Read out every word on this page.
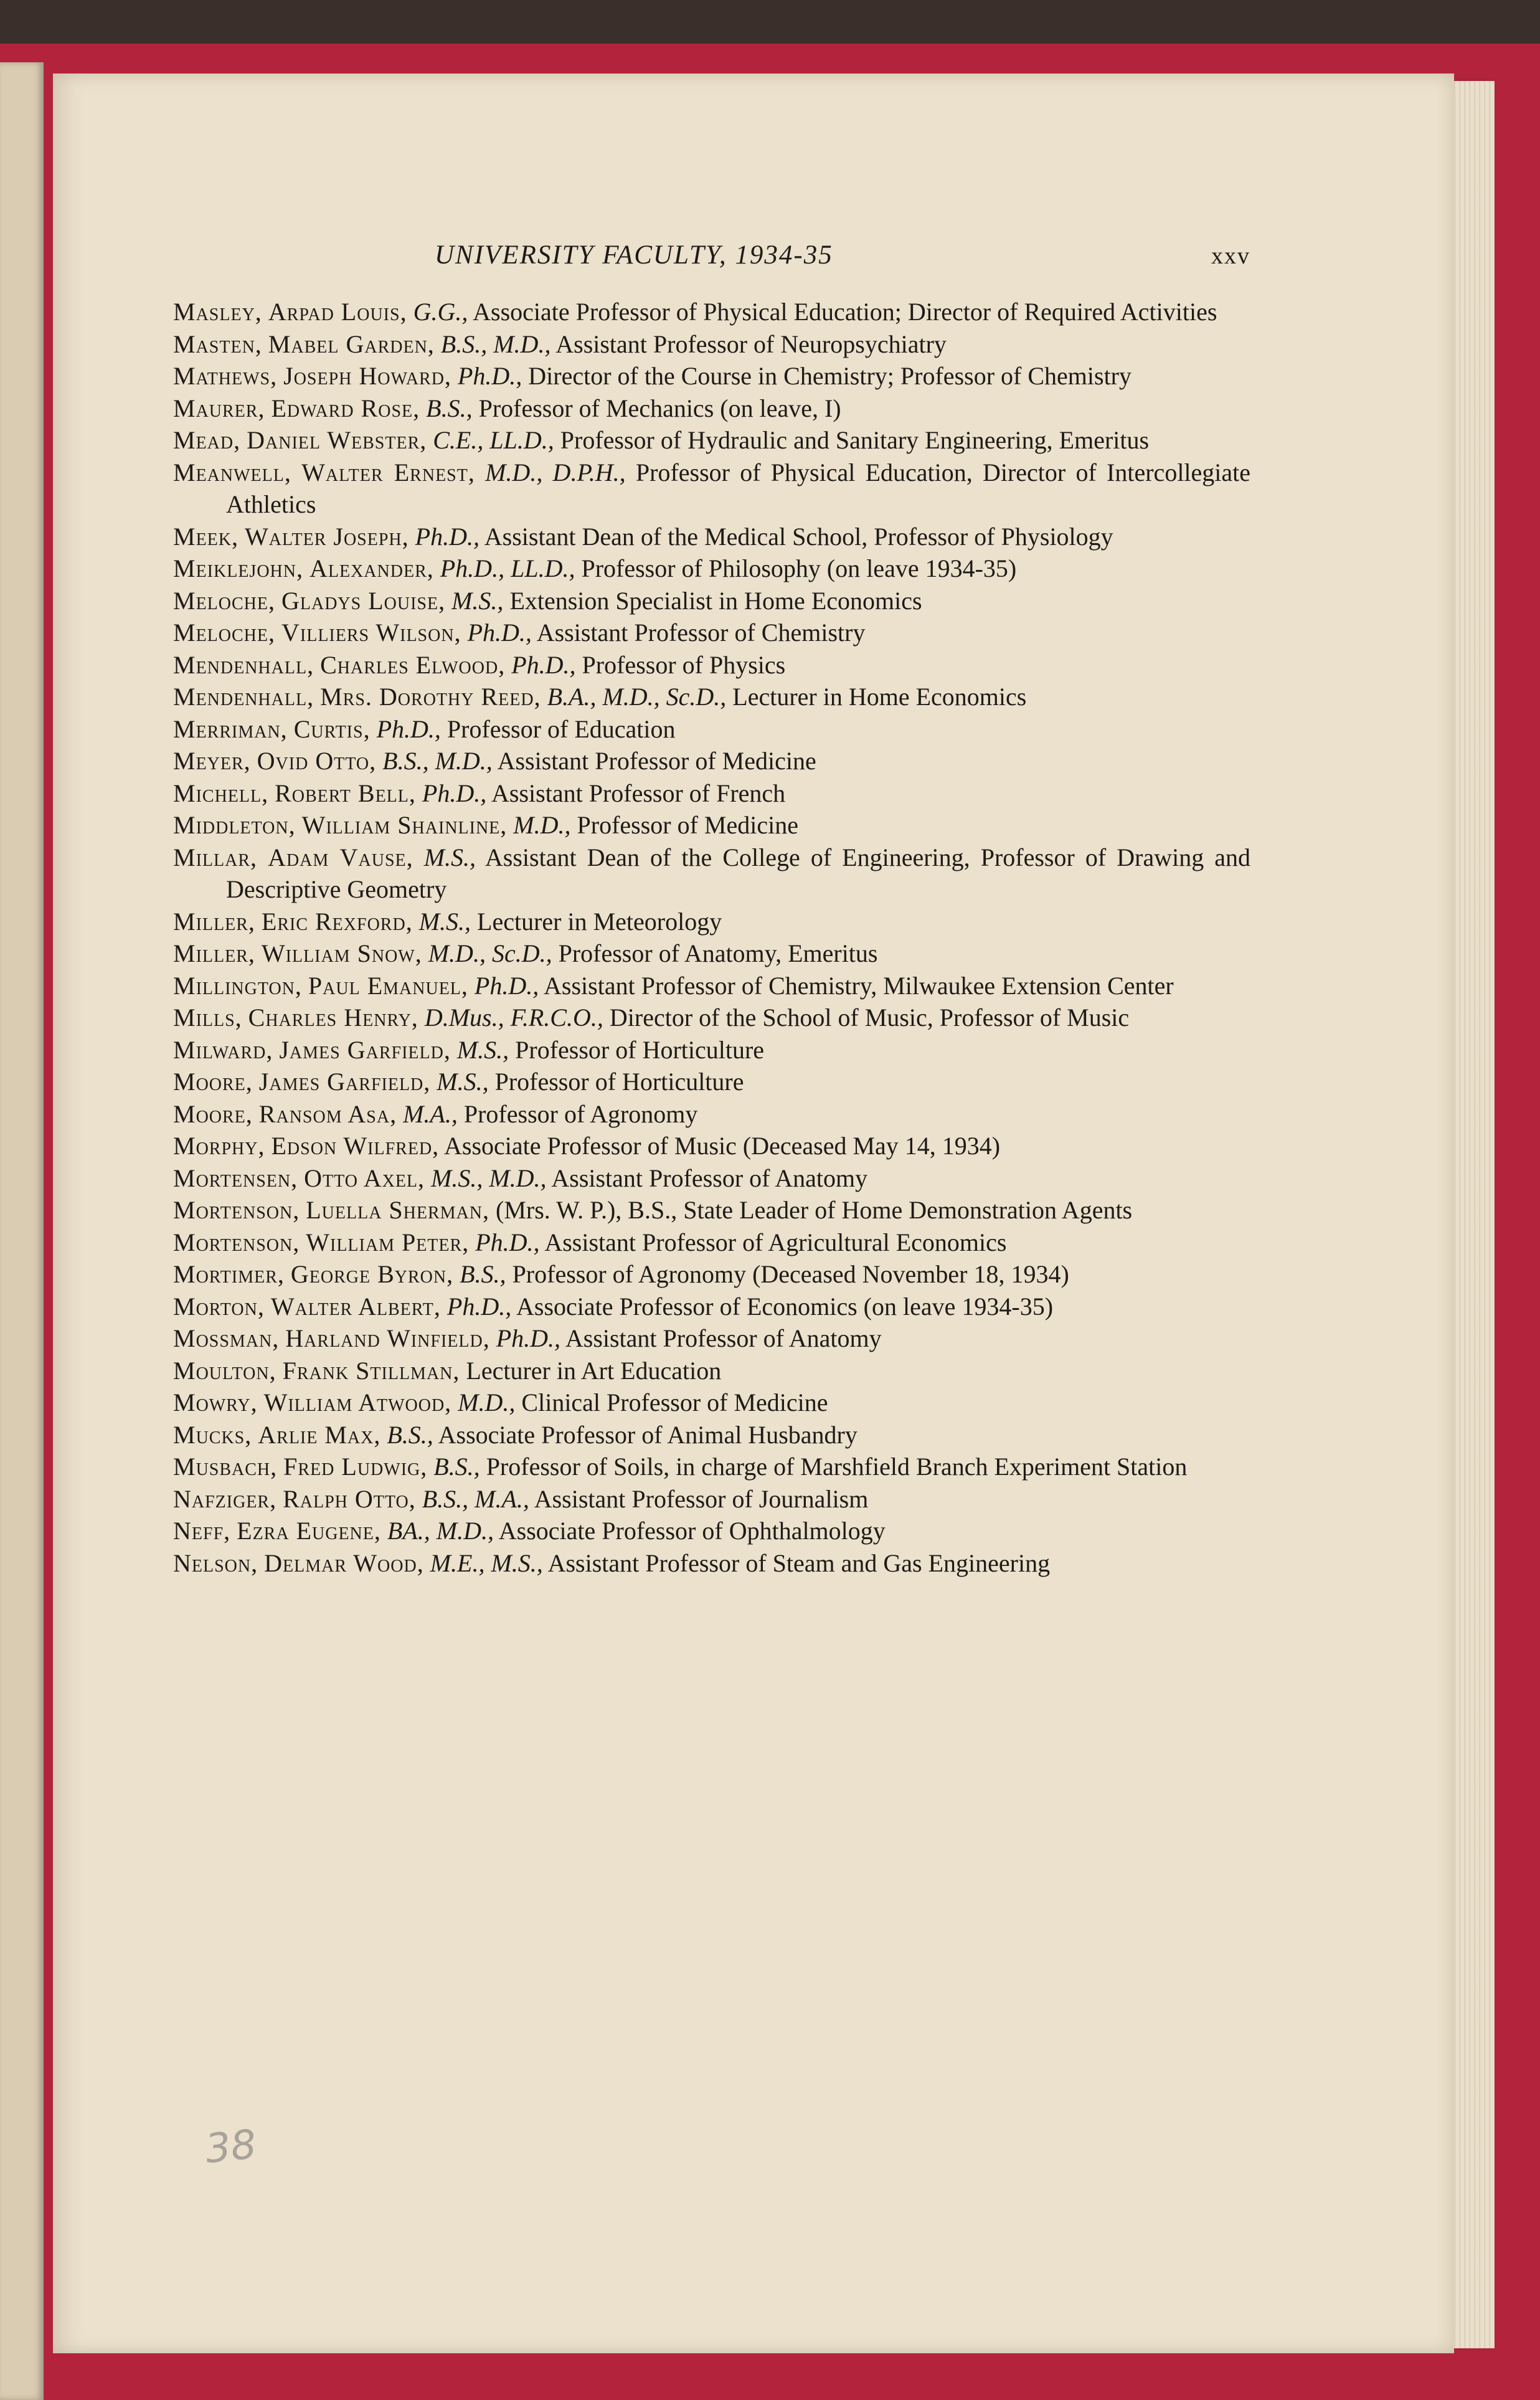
UNIVERSITY FACULTY, 1934-35	xxv
Masley, Arpad Louis, G.G., Associate Professor of Physical Education; Director of Required Activities
Masten, Mabel Garden, B.S., M.D., Assistant Professor of Neuropsychiatry
Mathews, Joseph Howard, Ph.D., Director of the Course in Chemistry; Professor of Chemistry
Maurer, Edward Rose, B.S., Professor of Mechanics (on leave, I)
Mead, Daniel Webster, C.E., LL.D., Professor of Hydraulic and Sanitary Engineering, Emeritus
Meanwell, Walter Ernest, M.D., D.P.H., Professor of Physical Education, Director of Intercollegiate Athletics
Meek, Walter Joseph, Ph.D., Assistant Dean of the Medical School, Professor of Physiology
Meiklejohn, Alexander, Ph.D., LL.D., Professor of Philosophy (on leave 1934-35)
Meloche, Gladys Louise, M.S., Extension Specialist in Home Economics
Meloche, Villiers Wilson, Ph.D., Assistant Professor of Chemistry
Mendenhall, Charles Elwood, Ph.D., Professor of Physics
Mendenhall, Mrs. Dorothy Reed, B.A., M.D., Sc.D., Lecturer in Home Economics
Merriman, Curtis, Ph.D., Professor of Education
Meyer, Ovid Otto, B.S., M.D., Assistant Professor of Medicine
Michell, Robert Bell, Ph.D., Assistant Professor of French
Middleton, William Shainline, M.D., Professor of Medicine
Millar, Adam Vause, M.S., Assistant Dean of the College of Engineering, Professor of Drawing and Descriptive Geometry
Miller, Eric Rexford, M.S., Lecturer in Meteorology
Miller, William Snow, M.D., Sc.D., Professor of Anatomy, Emeritus
Millington, Paul Emanuel, Ph.D., Assistant Professor of Chemistry, Milwaukee Extension Center
Mills, Charles Henry, D.Mus., F.R.C.O., Director of the School of Music, Professor of Music
Milward, James Garfield, M.S., Professor of Horticulture
Moore, James Garfield, M.S., Professor of Horticulture
Moore, Ransom Asa, M.A., Professor of Agronomy
Morphy, Edson Wilfred, Associate Professor of Music (Deceased May 14, 1934)
Mortensen, Otto Axel, M.S., M.D., Assistant Professor of Anatomy
Mortenson, Luella Sherman, (Mrs. W. P.), B.S., State Leader of Home Demonstration Agents
Mortenson, William Peter, Ph.D., Assistant Professor of Agricultural Economics
Mortimer, George Byron, B.S., Professor of Agronomy (Deceased November 18, 1934)
Morton, Walter Albert, Ph.D., Associate Professor of Economics (on leave 1934-35)
Mossman, Harland Winfield, Ph.D., Assistant Professor of Anatomy
Moulton, Frank Stillman, Lecturer in Art Education
Mowry, William Atwood, M.D., Clinical Professor of Medicine
Mucks, Arlie Max, B.S., Associate Professor of Animal Husbandry
Musbach, Fred Ludwig, B.S., Professor of Soils, in charge of Marshfield Branch Experiment Station
Nafziger, Ralph Otto, B.S., M.A., Assistant Professor of Journalism
Neff, Ezra Eugene, BA., M.D., Associate Professor of Ophthalmology
Nelson, Delmar Wood, M.E., M.S., Assistant Professor of Steam and Gas Engineering
38
